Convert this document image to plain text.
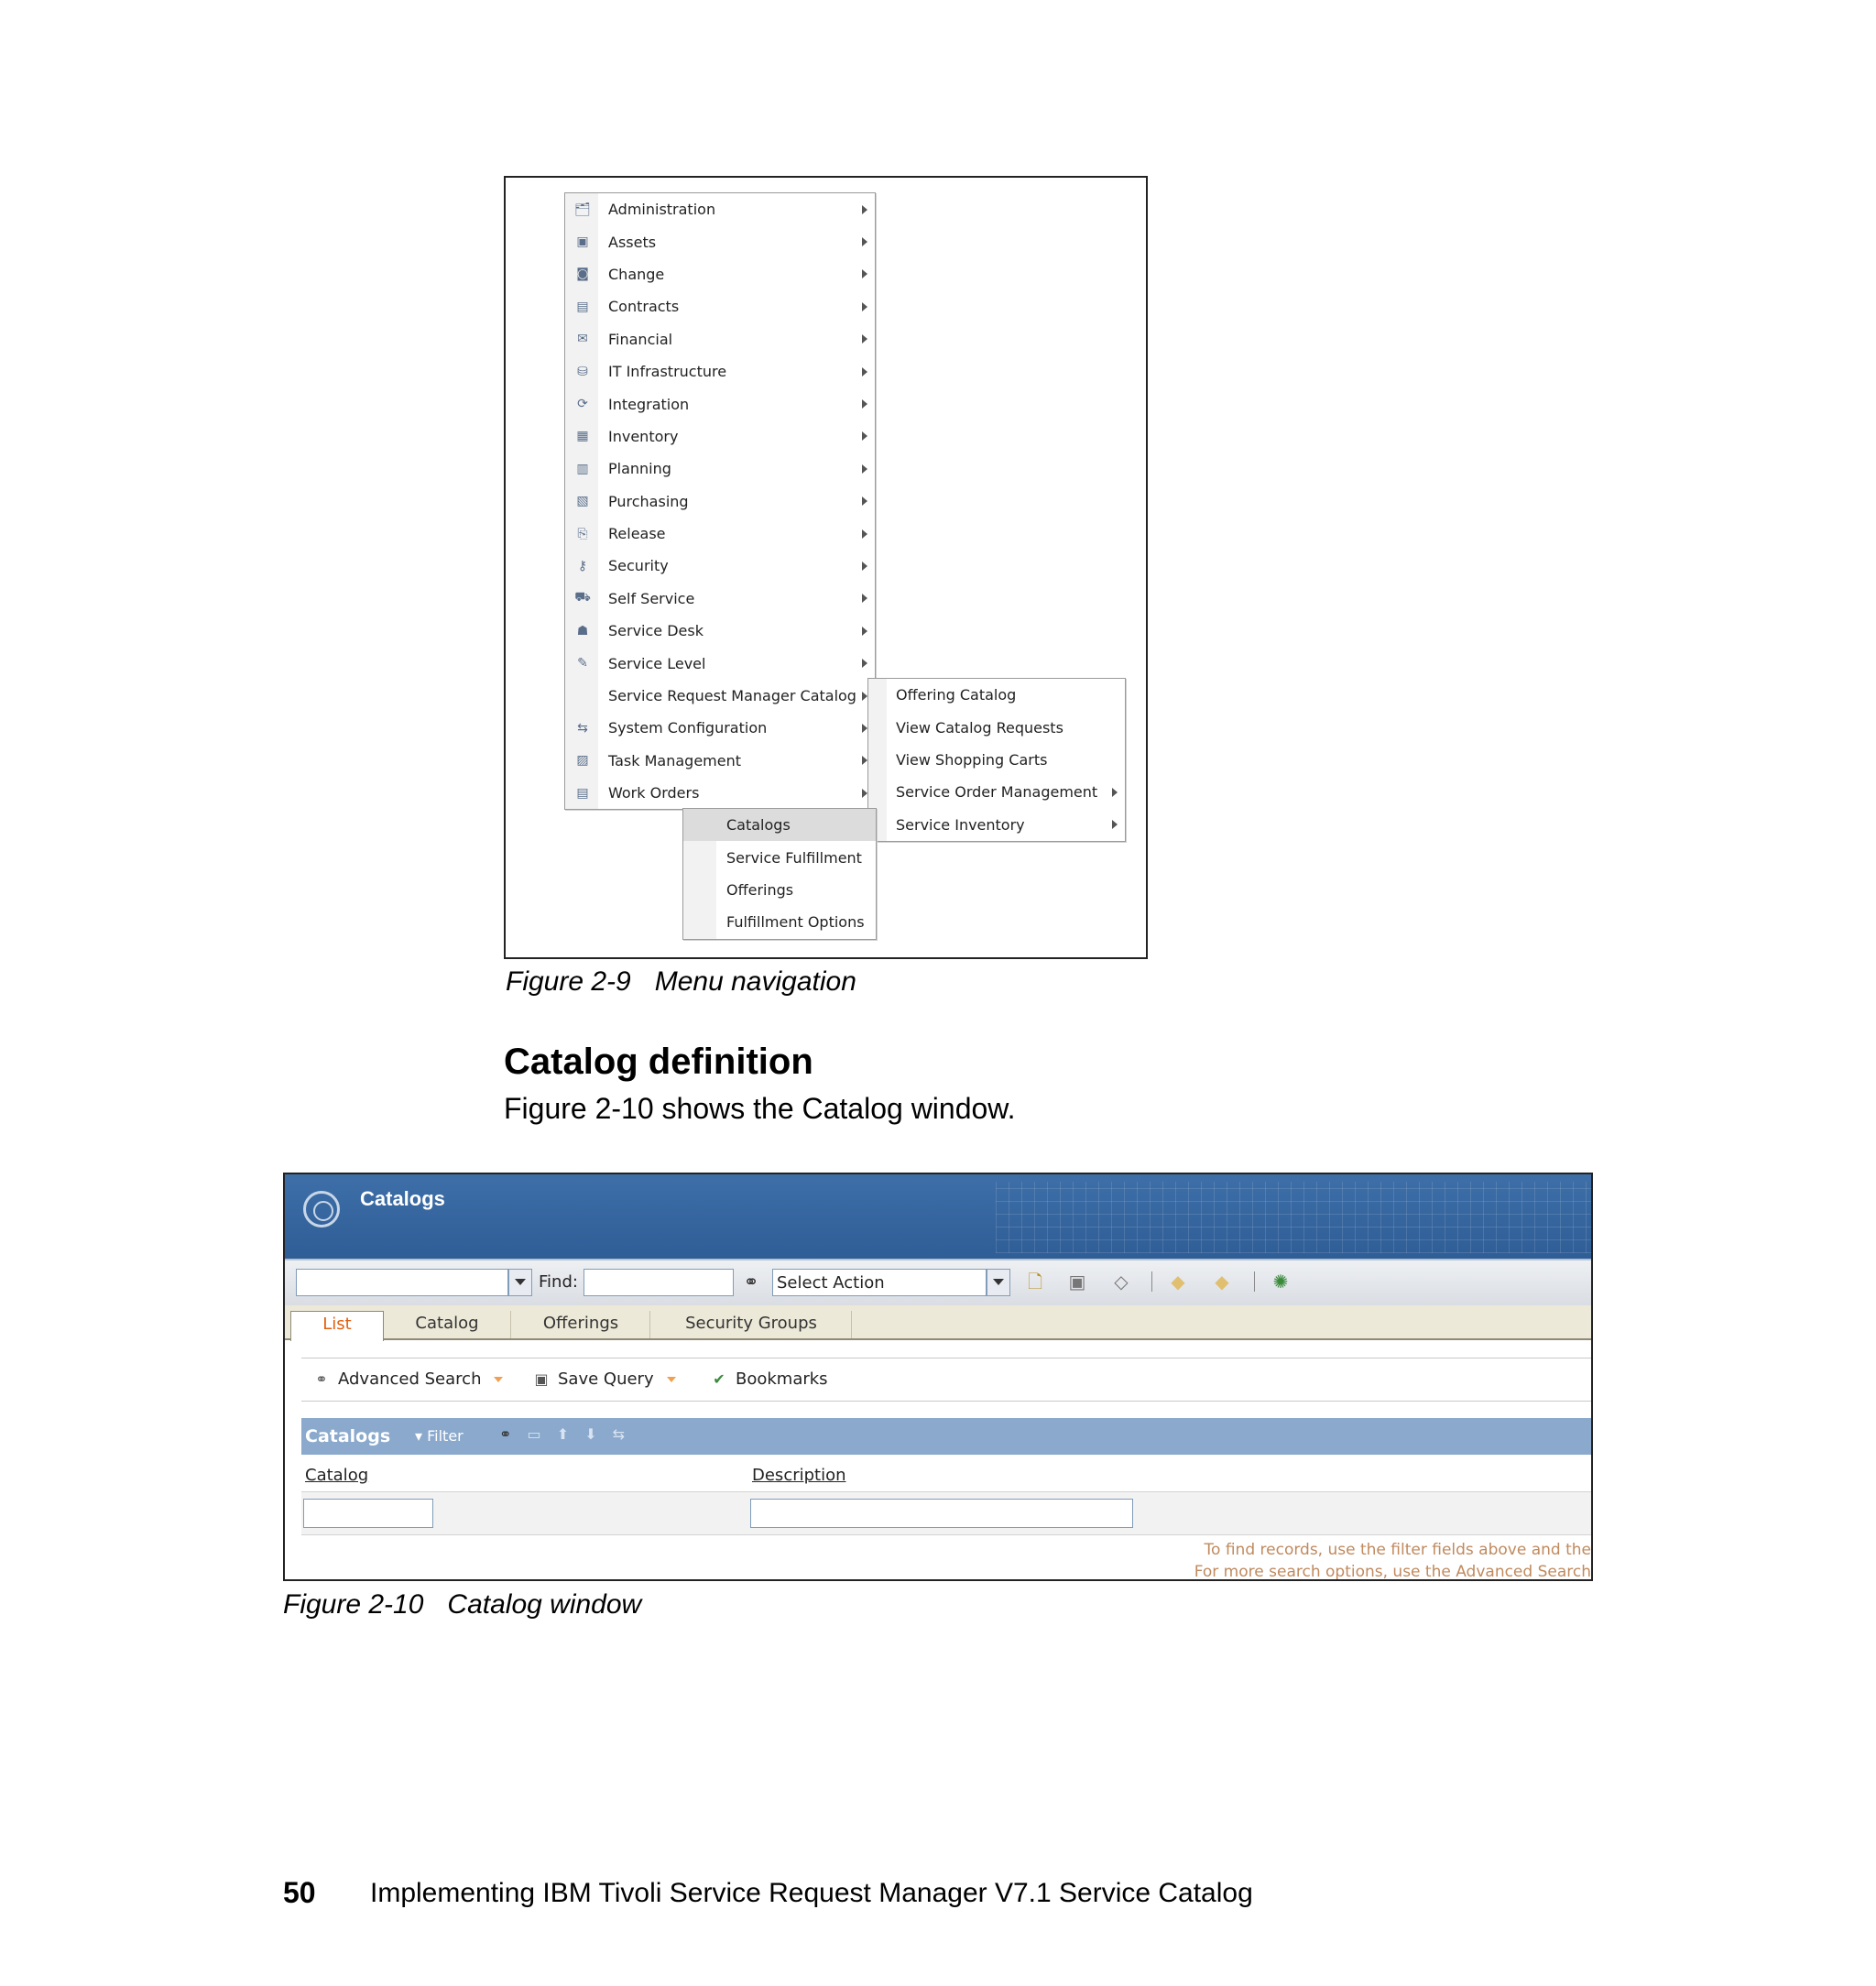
🗂 Administration
▣ Assets
◙ Change
▤ Contracts
✉ Financial
⛁ IT Infrastructure
⟳ Integration
▦ Inventory
▥ Planning
▧ Purchasing
⎘ Release
⚷ Security
⛟ Self Service
☗ Service Desk
✎ Service Level
Service Request Manager Catalog
⇆ System Configuration
▨ Task Management
▤ Work Orders
Offering Catalog
View Catalog Requests
View Shopping Carts
Service Order Management
Service Inventory
Catalogs
Service Fulfillment
Offerings
Fulfillment Options
Figure 2-9 Menu navigation
Catalog definition
Figure 2-10 shows the Catalog window.
Catalogs
Find:	⚭ Select Action	🗋 ▣ ◇ ◆ ◆ ✺
List	Catalog	Offerings	Security Groups
⚭ Advanced Search	▣ Save Query	✔ Bookmarks
Catalogs ▾ Filter ⚭ ▭ ⬆ ⬇ ⇆
Catalog	Description
To find records, use the filter fields above and the
For more search options, use the Advanced Search
Figure 2-10 Catalog window
50 Implementing IBM Tivoli Service Request Manager V7.1 Service Catalog
